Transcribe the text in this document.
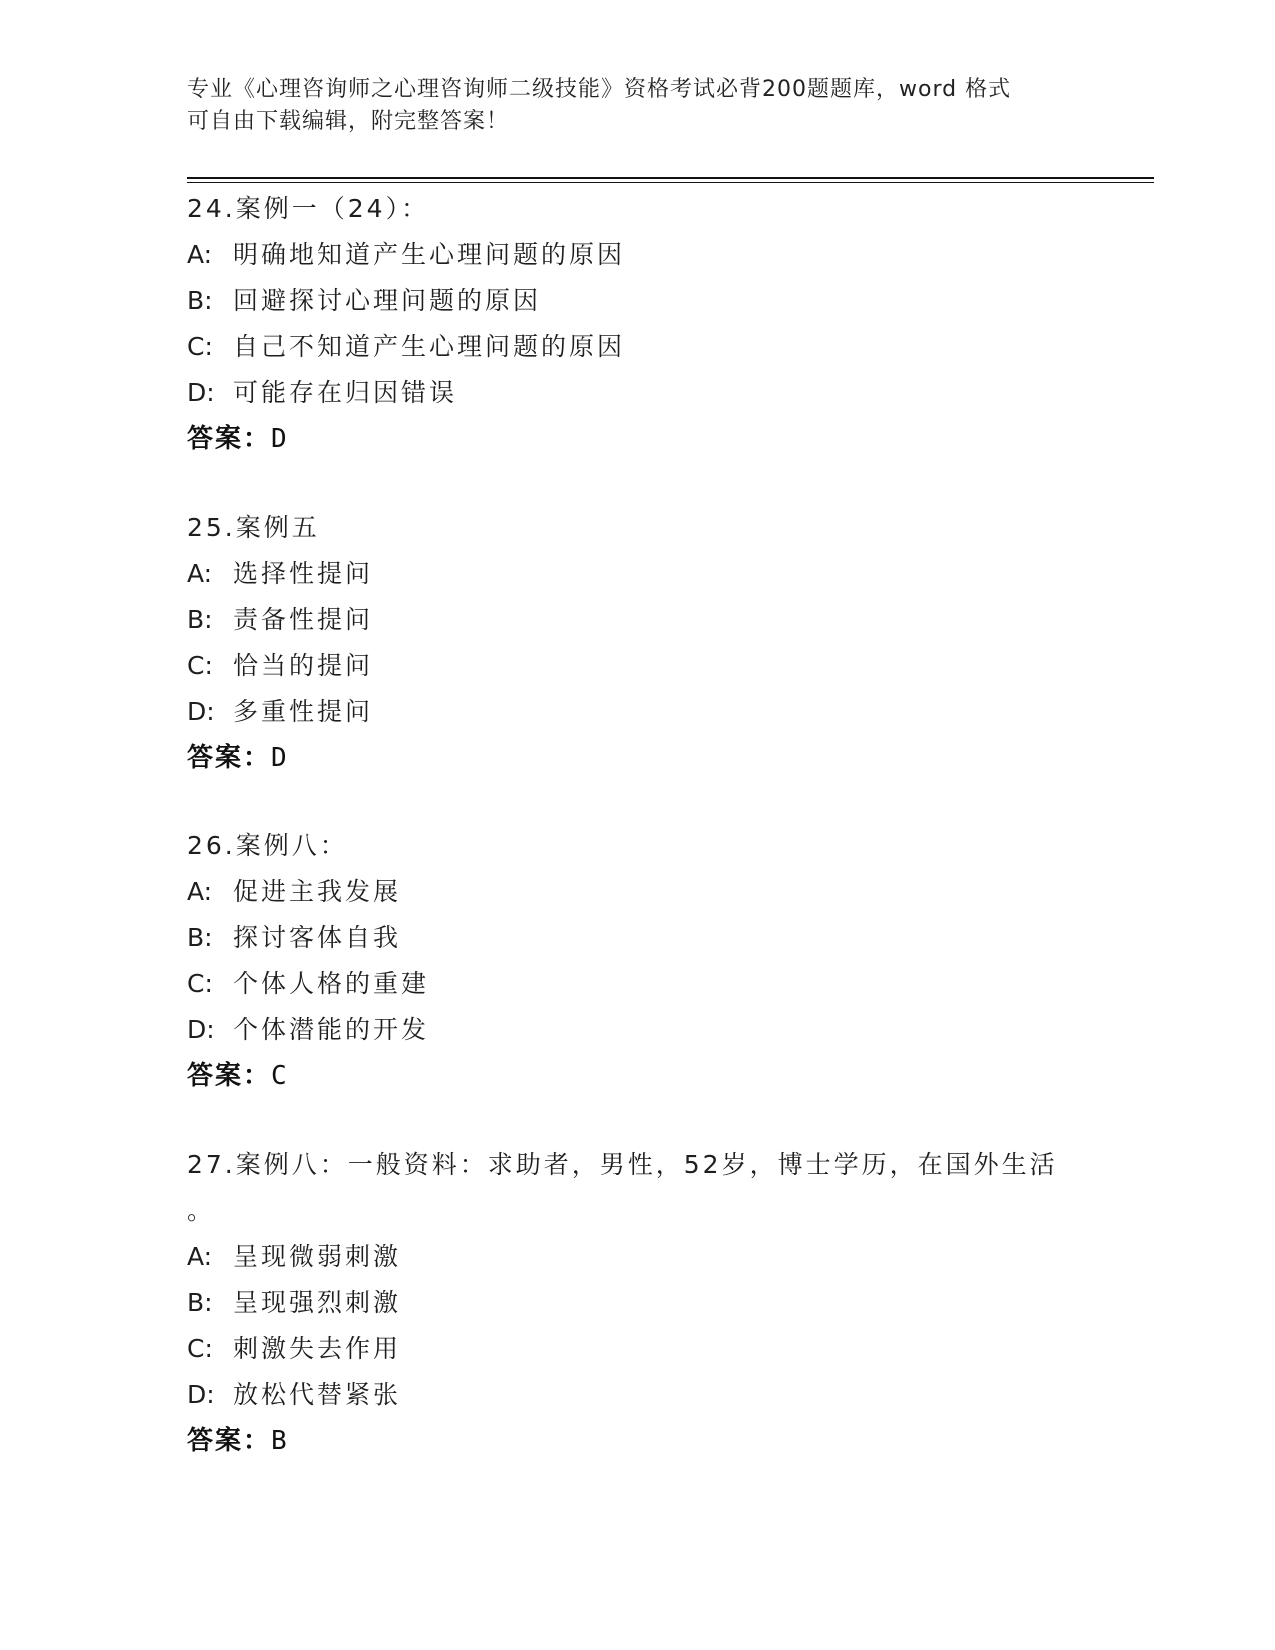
专业《心理咨询师之心理咨询师二级技能》资格考试必背200题题库，word 格式
可自由下载编辑，附完整答案！
24.案例一（24）：
A: 明确地知道产生心理问题的原因
B: 回避探讨心理问题的原因
C: 自己不知道产生心理问题的原因
D: 可能存在归因错误
答案：D
25.案例五
A: 选择性提问
B: 责备性提问
C: 恰当的提问
D: 多重性提问
答案：D
26.案例八：
A: 促进主我发展
B: 探讨客体自我
C: 个体人格的重建
D: 个体潜能的开发
答案：C
27.案例八：一般资料：求助者，男性，52岁，博士学历，在国外生活
。
A: 呈现微弱刺激
B: 呈现强烈刺激
C: 刺激失去作用
D: 放松代替紧张
答案：B
